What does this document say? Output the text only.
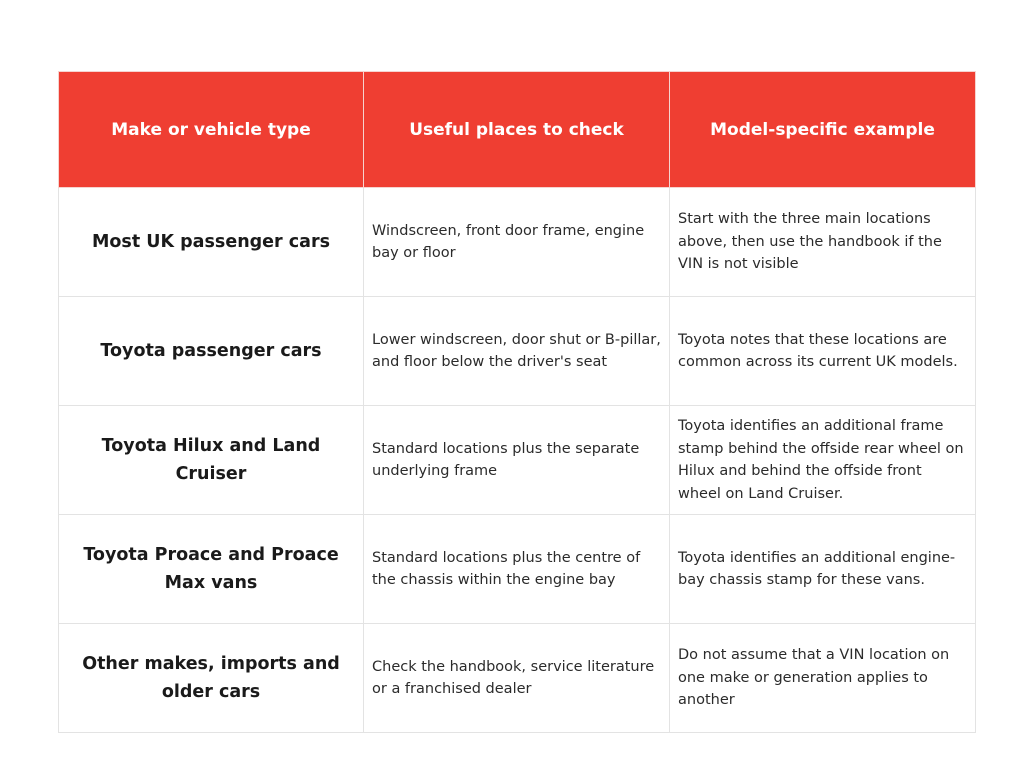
Make or vehicle type	Useful places to check	Model-specific example
Most UK passenger cars	Windscreen, front door frame, engine bay or floor	Start with the three main locations above, then use the handbook if the VIN is not visible
Toyota passenger cars	Lower windscreen, door shut or B-pillar, and floor below the driver's seat	Toyota notes that these locations are common across its current UK models.
Toyota Hilux and Land Cruiser	Standard locations plus the separate underlying frame	Toyota identifies an additional frame stamp behind the offside rear wheel on Hilux and behind the offside front wheel on Land Cruiser.
Toyota Proace and Proace Max vans	Standard locations plus the centre of the chassis within the engine bay	Toyota identifies an additional engine-bay chassis stamp for these vans.
Other makes, imports and older cars	Check the handbook, service literature or a franchised dealer	Do not assume that a VIN location on one make or generation applies to another
